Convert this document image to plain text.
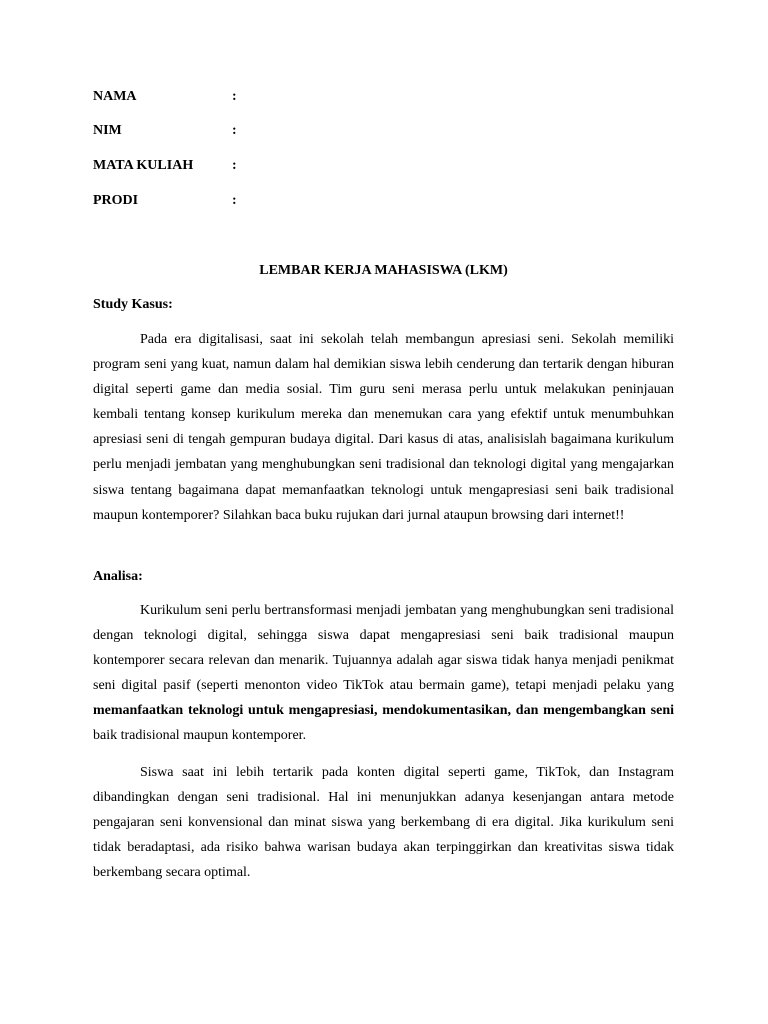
NAMA	:
NIM	:
MATA KULIAH	:
PRODI	:
LEMBAR KERJA MAHASISWA (LKM)
Study Kasus:

Pada era digitalisasi, saat ini sekolah telah membangun apresiasi seni. Sekolah memiliki program seni yang kuat, namun dalam hal demikian siswa lebih cenderung dan tertarik dengan hiburan digital seperti game dan media sosial. Tim guru seni merasa perlu untuk melakukan peninjauan kembali tentang konsep kurikulum mereka dan menemukan cara yang efektif untuk menumbuhkan apresiasi seni di tengah gempuran budaya digital. Dari kasus di atas, analisislah bagaimana kurikulum perlu menjadi jembatan yang menghubungkan seni tradisional dan teknologi digital yang mengajarkan siswa tentang bagaimana dapat memanfaatkan teknologi untuk mengapresiasi seni baik tradisional maupun kontemporer? Silahkan baca buku rujukan dari jurnal ataupun browsing dari internet!!

Analisa:

Kurikulum seni perlu bertransformasi menjadi jembatan yang menghubungkan seni tradisional dengan teknologi digital, sehingga siswa dapat mengapresiasi seni baik tradisional maupun kontemporer secara relevan dan menarik. Tujuannya adalah agar siswa tidak hanya menjadi penikmat seni digital pasif (seperti menonton video TikTok atau bermain game), tetapi menjadi pelaku yang memanfaatkan teknologi untuk mengapresiasi, mendokumentasikan, dan mengembangkan seni baik tradisional maupun kontemporer.

Siswa saat ini lebih tertarik pada konten digital seperti game, TikTok, dan Instagram dibandingkan dengan seni tradisional. Hal ini menunjukkan adanya kesenjangan antara metode pengajaran seni konvensional dan minat siswa yang berkembang di era digital. Jika kurikulum seni tidak beradaptasi, ada risiko bahwa warisan budaya akan terpinggirkan dan kreativitas siswa tidak berkembang secara optimal.
